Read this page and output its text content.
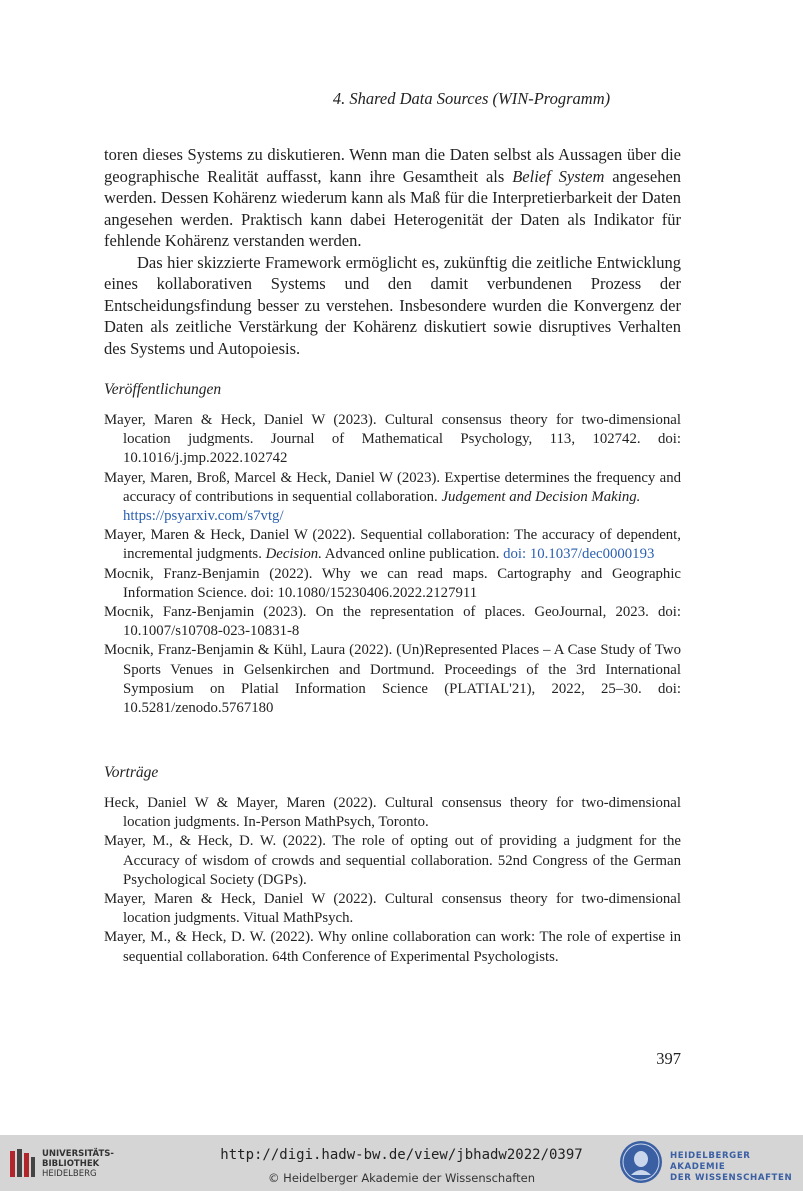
4. Shared Data Sources (WIN-Programm)

toren dieses Systems zu diskutieren. Wenn man die Daten selbst als Aussagen über die geographische Realität auffasst, kann ihre Gesamtheit als Belief System angesehen werden. Dessen Kohärenz wiederum kann als Maß für die Interpretierbarkeit der Daten angesehen werden. Praktisch kann dabei Heterogenität der Daten als Indikator für fehlende Kohärenz verstanden werden.

Das hier skizzierte Framework ermöglicht es, zukünftig die zeitliche Entwicklung eines kollaborativen Systems und den damit verbundenen Prozess der Entscheidungsfindung besser zu verstehen. Insbesondere wurden die Konvergenz der Daten als zeitliche Verstärkung der Kohärenz diskutiert sowie disruptives Verhalten des Systems und Autopoiesis.

Veröffentlichungen
Mayer, Maren & Heck, Daniel W (2023). Cultural consensus theory for two-dimensional location judgments. Journal of Mathematical Psychology, 113, 102742. doi: 10.1016/j.jmp.2022.102742
Mayer, Maren, Broß, Marcel & Heck, Daniel W (2023). Expertise determines the frequency and accuracy of contributions in sequential collaboration. Judgement and Decision Making.
https://psyarxiv.com/s7vtg/
Mayer, Maren & Heck, Daniel W (2022). Sequential collaboration: The accuracy of dependent, incremental judgments. Decision. Advanced online publication. doi: 10.1037/dec0000193
Mocnik, Franz-Benjamin (2022). Why we can read maps. Cartography and Geographic Information Science. doi: 10.1080/15230406.2022.2127911
Mocnik, Fanz-Benjamin (2023). On the representation of places. GeoJournal, 2023. doi: 10.1007/s10708-023-10831-8
Mocnik, Franz-Benjamin & Kühl, Laura (2022). (Un)Represented Places – A Case Study of Two Sports Venues in Gelsenkirchen and Dortmund. Proceedings of the 3rd International Symposium on Platial Information Science (PLATIAL'21), 2022, 25–30. doi: 10.5281/zenodo.5767180
Vorträge
Heck, Daniel W & Mayer, Maren (2022). Cultural consensus theory for two-dimensional location judgments. In-Person MathPsych, Toronto.
Mayer, M., & Heck, D. W. (2022). The role of opting out of providing a judgment for the Accuracy of wisdom of crowds and sequential collaboration. 52nd Congress of the German Psychological Society (DGPs).
Mayer, Maren & Heck, Daniel W (2022). Cultural consensus theory for two-dimensional location judgments. Vitual MathPsych.
Mayer, M., & Heck, D. W. (2022). Why online collaboration can work: The role of expertise in sequential collaboration. 64th Conference of Experimental Psychologists.
397
UNIVERSITÄTS-
BIBLIOTHEK
HEIDELBERG
http://digi.hadw-bw.de/view/jbhadw2022/0397
© Heidelberger Akademie der Wissenschaften
HEIDELBERGER AKADEMIE
DER WISSENSCHAFTEN
